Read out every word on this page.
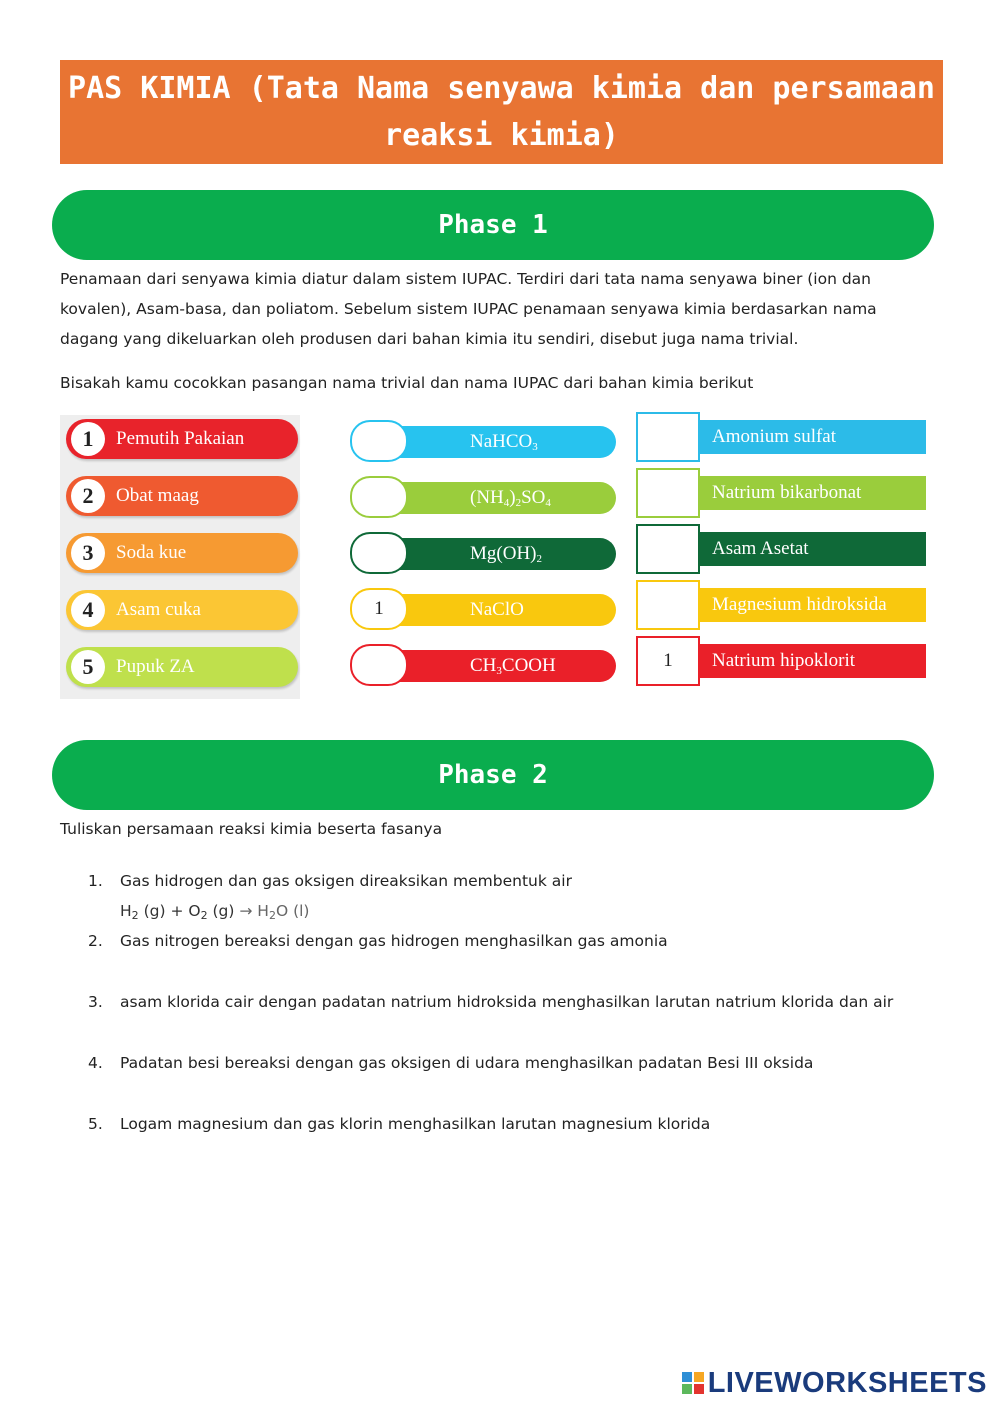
PAS KIMIA (Tata Nama senyawa kimia dan persamaan reaksi kimia)
Phase 1

Penamaan dari senyawa kimia diatur dalam sistem IUPAC. Terdiri dari tata nama senyawa biner (ion dan kovalen), Asam-basa, dan poliatom. Sebelum sistem IUPAC penamaan senyawa kimia berdasarkan nama dagang yang dikeluarkan oleh produsen dari bahan kimia itu sendiri, disebut juga nama trivial.

Bisakah kamu cocokkan pasangan nama trivial dan nama IUPAC dari bahan kimia berikut

1	Pemutih Pakaian
2	Obat maag
3	Soda kue
4	Asam cuka
5	Pupuk ZA
NaHCO$_3$
$(NH_4)_2SO_4$
$Mg(OH)_2$
NaClO
1
$CH_3COOH$
Amonium sulfat
Natrium bikarbonat
Asam Asetat
Magnesium hidroksida
Natrium hipoklorit
1
Phase 2

Tuliskan persamaan reaksi kimia beserta fasanya

1. Gas hidrogen dan gas oksigen direaksikan membentuk air
$H_2$ $(g) + O_2$ $(g) \to H_2O$ (l)
2. Gas nitrogen bereaksi dengan gas hidrogen menghasilkan gas amonia
3. asam klorida cair dengan padatan natrium hidroksida menghasilkan larutan natrium klorida dan air
4. Padatan besi bereaksi dengan gas oksigen di udara menghasilkan padatan Besi III oksida
5. Logam magnesium dan gas klorin menghasilkan larutan magnesium klorida
LIVEWORKSHEETS
